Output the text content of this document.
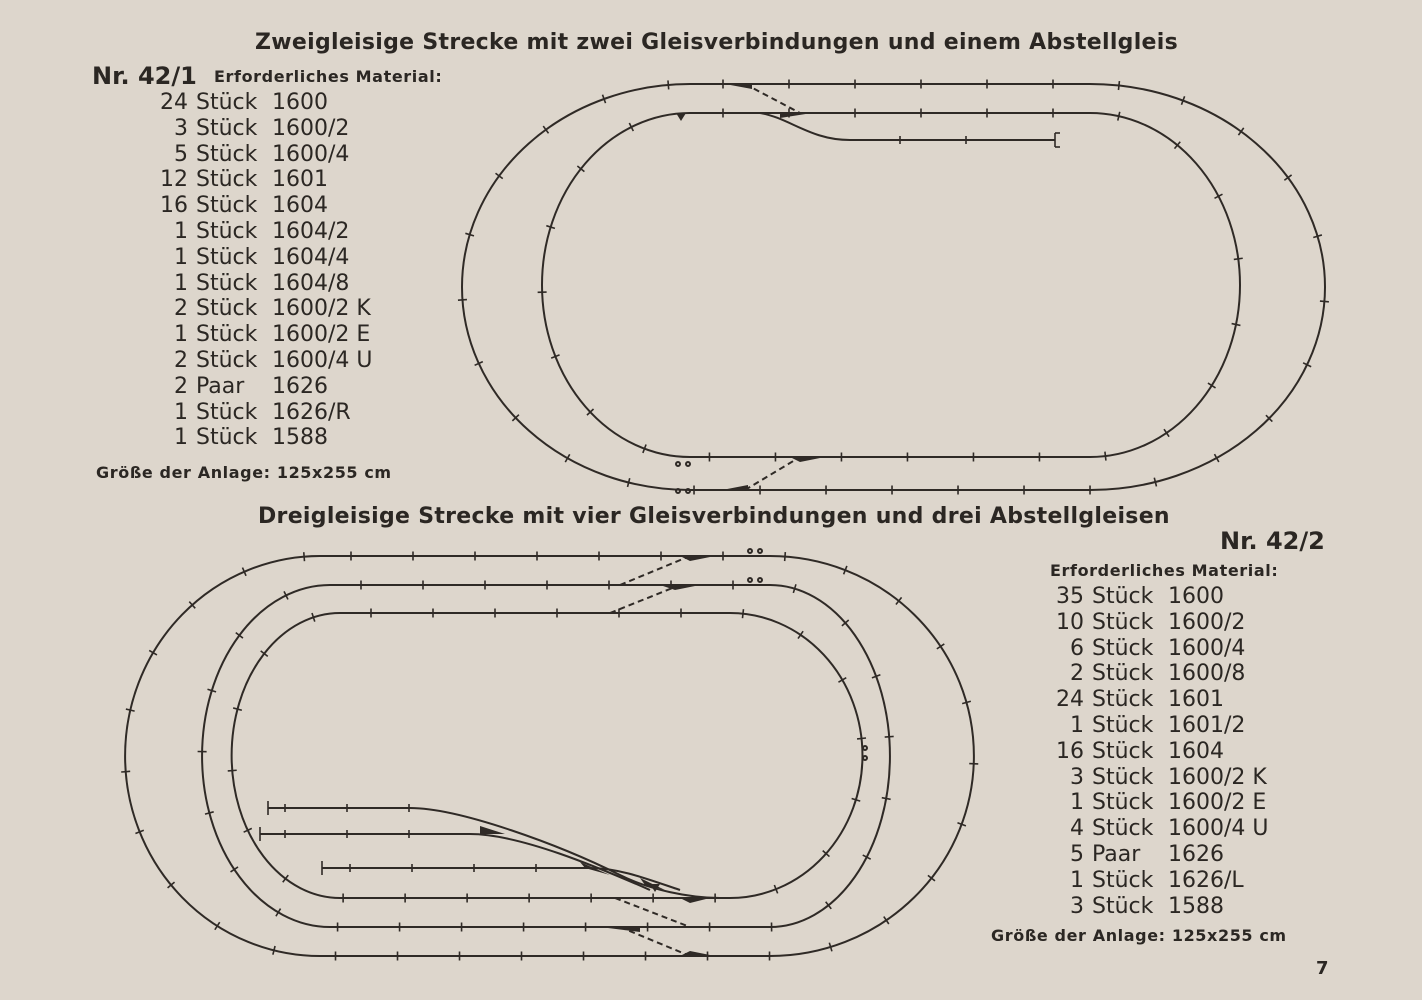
Zweigleisige Strecke mit zwei Gleisverbindungen und einem Abstellgleis
Nr. 42/1 Erforderliches Material:
24 Stück 1600
3 Stück 1600/2
5 Stück 1600/4
12 Stück 1601
16 Stück 1604
1 Stück 1604/2
1 Stück 1604/4
1 Stück 1604/8
2 Stück 1600/2 K
1 Stück 1600/2 E
2 Stück 1600/4 U
2 Paar	1626
1 Stück 1626/R
1 Stück 1588
Größe der Anlage: 125x255 cm
Dreigleisige Strecke mit vier Gleisverbindungen und drei Abstellgleisen
Nr. 42/2
Erforderliches Material:
35 Stück 1600
10 Stück 1600/2
6 Stück 1600/4
2 Stück 1600/8
24 Stück 1601
1 Stück 1601/2
16 Stück 1604
3 Stück 1600/2 K
1 Stück 1600/2 E
4 Stück 1600/4 U
5 Paar	1626
1 Stück 1626/L
3 Stück 1588
Größe der Anlage: 125x255 cm
7
